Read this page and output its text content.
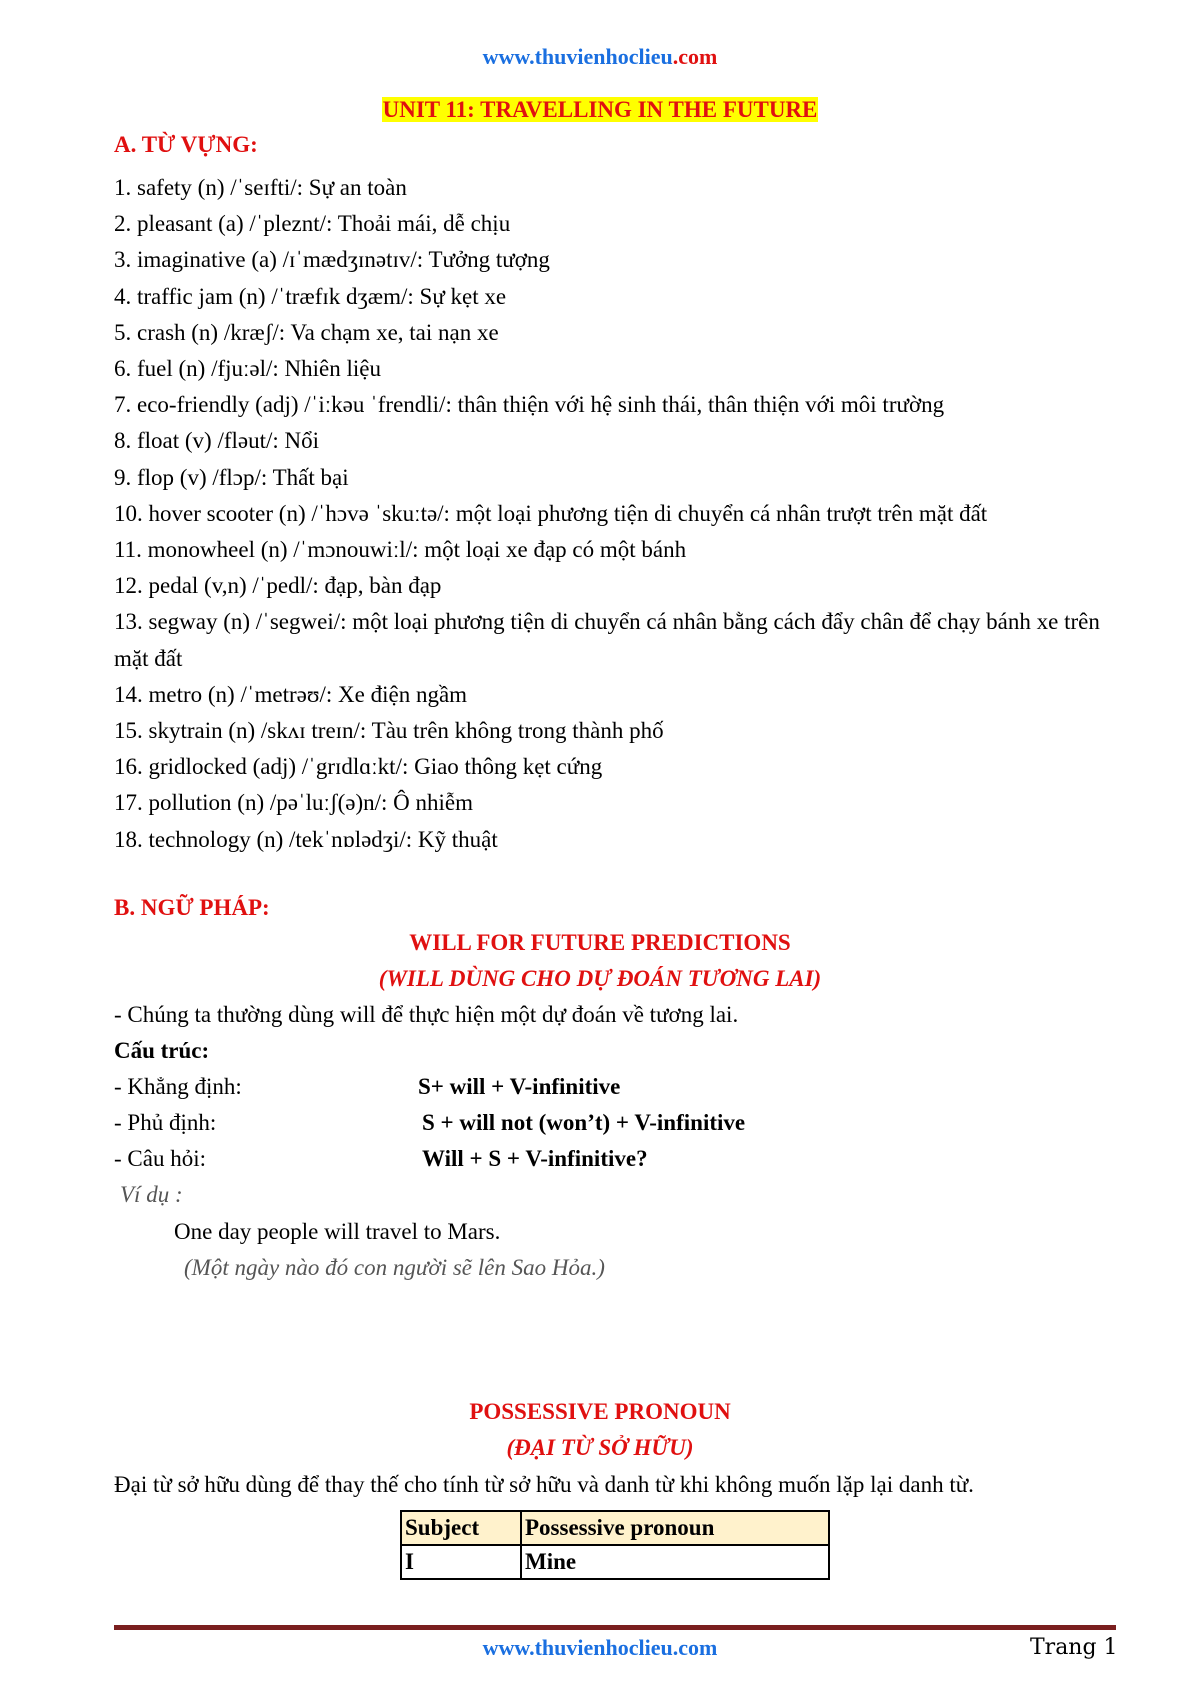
www.thuvienhoclieu.com
UNIT 11: TRAVELLING IN THE FUTURE
A. TỪ VỰNG:
1. safety (n) /ˈseɪfti/: Sự an toàn
2. pleasant (a) /ˈpleznt/: Thoải mái, dễ chịu
3. imaginative (a) /ɪˈmædʒɪnətɪv/: Tưởng tượng
4. traffic jam (n) /ˈtræfɪk dʒæm/: Sự kẹt xe
5. crash (n) /kræʃ/: Va chạm xe, tai nạn xe
6. fuel (n) /fjuːəl/: Nhiên liệu
7. eco-friendly (adj) /ˈiːkəu ˈfrendli/: thân thiện với hệ sinh thái, thân thiện với môi trường
8. float (v) /fləut/: Nổi
9. flop (v) /flɔp/: Thất bại
10. hover scooter (n) /ˈhɔvə ˈskuːtə/: một loại phương tiện di chuyển cá nhân trượt trên mặt đất
11. monowheel (n) /ˈmɔnouwiːl/: một loại xe đạp có một bánh
12. pedal (v,n) /ˈpedl/: đạp, bàn đạp
13. segway (n) /ˈsegwei/: một loại phương tiện di chuyển cá nhân bằng cách đẩy chân để chạy bánh xe trên mặt đất
14. metro (n) /ˈmetrəʊ/: Xe điện ngầm
15. skytrain (n) /skʌɪ treɪn/: Tàu trên không trong thành phố
16. gridlocked (adj) /ˈgrɪdlɑːkt/: Giao thông kẹt cứng
17. pollution (n) /pəˈluːʃ(ə)n/: Ô nhiễm
18. technology (n) /tekˈnɒlədʒi/: Kỹ thuật
B. NGỮ PHÁP:
WILL FOR FUTURE PREDICTIONS
(WILL DÙNG CHO DỰ ĐOÁN TƯƠNG LAI)
- Chúng ta thường dùng will để thực hiện một dự đoán về tương lai.
Cấu trúc:
- Khẳng định:	S+ will + V-infinitive
- Phủ định:	S + will not (won’t) + V-infinitive
- Câu hỏi:	Will + S + V-infinitive?
Ví dụ :
One day people will travel to Mars.
(Một ngày nào đó con người sẽ lên Sao Hỏa.)
POSSESSIVE PRONOUN
(ĐẠI TỪ SỞ HỮU)
Đại từ sở hữu dùng để thay thế cho tính từ sở hữu và danh từ khi không muốn lặp lại danh từ.
Subject	Possessive pronoun
I	Mine
www.thuvienhoclieu.com	Trang 1
